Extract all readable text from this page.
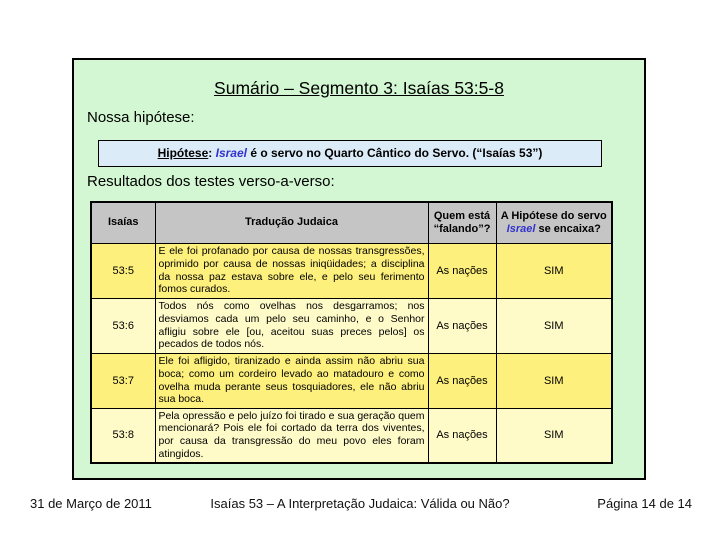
Sumário – Segmento 3: Isaías 53:5-8
Nossa hipótese:
Hipótese: Israel é o servo no Quarto Cântico do Servo. (“Isaías 53”)
Resultados dos testes verso-a-verso:
Isaías	Tradução Judaica	Quem está “falando”?	A Hipótese do servo Israel se encaixa?
53:5	E ele foi profanado por causa de nossas transgressões, oprimido por causa de nossas iniqüidades; a disciplina da nossa paz estava sobre ele, e pelo seu ferimento fomos curados.	As nações	SIM
53:6	Todos nós como ovelhas nos desgarramos; nos desviamos cada um pelo seu caminho, e o Senhor afligiu sobre ele [ou, aceitou suas preces pelos] os pecados de todos nós.	As nações	SIM
53:7	Ele foi afligido, tiranizado e ainda assim não abriu sua boca; como um cordeiro levado ao matadouro e como ovelha muda perante seus tosquiadores, ele não abriu sua boca.	As nações	SIM
53:8	Pela opressão e pelo juízo foi tirado e sua geração quem mencionará? Pois ele foi cortado da terra dos viventes, por causa da transgressão do meu povo eles foram atingidos.	As nações	SIM
31 de Março de 2011	Isaías 53 – A Interpretação Judaica: Válida ou Não?	Página 14 de 14
